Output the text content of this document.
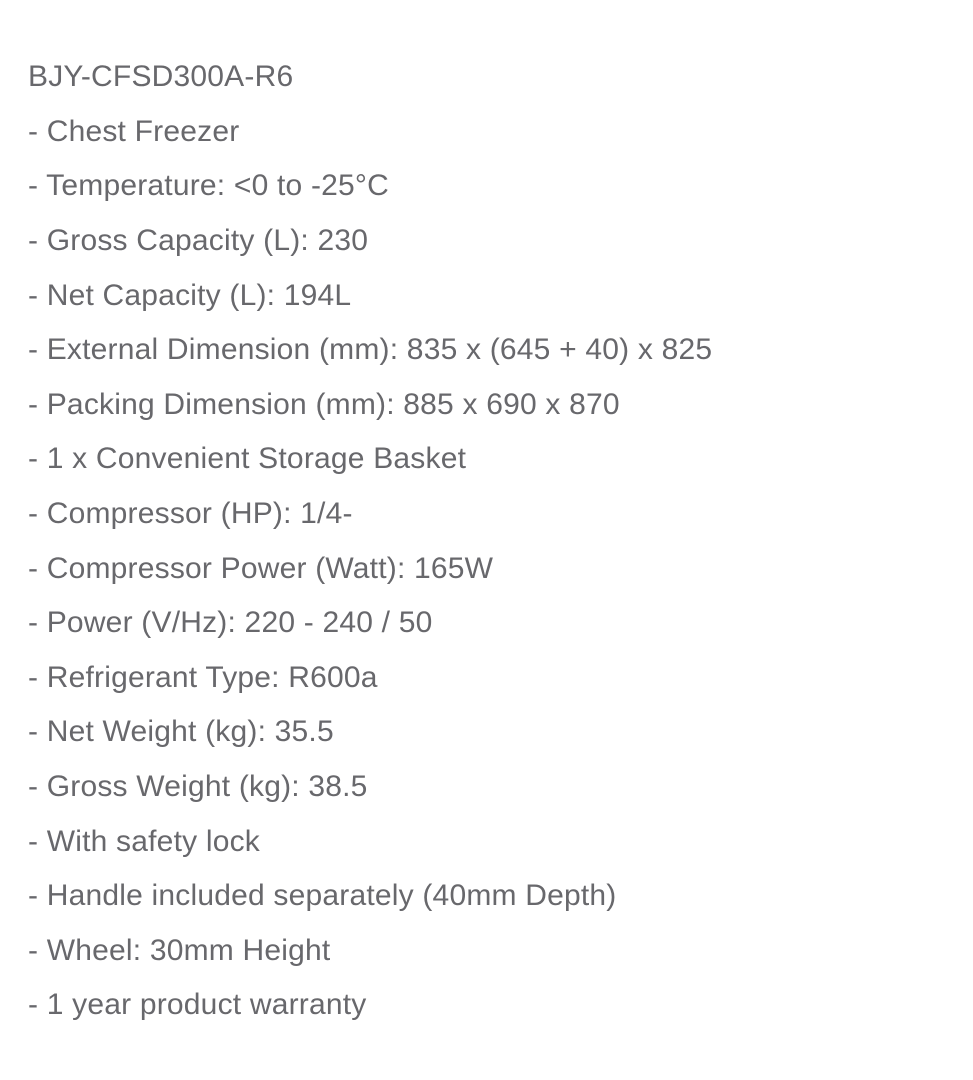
BJY-CFSD300A-R6
- Chest Freezer
- Temperature: <0 to -25°C
- Gross Capacity (L): 230
- Net Capacity (L): 194L
- External Dimension (mm): 835 x (645 + 40) x 825
- Packing Dimension (mm): 885 x 690 x 870
- 1 x Convenient Storage Basket
- Compressor (HP): 1/4-
- Compressor Power (Watt): 165W
- Power (V/Hz): 220 - 240 / 50
- Refrigerant Type: R600a
- Net Weight (kg): 35.5
- Gross Weight (kg): 38.5
- With safety lock
- Handle included separately (40mm Depth)
- Wheel: 30mm Height
- 1 year product warranty
